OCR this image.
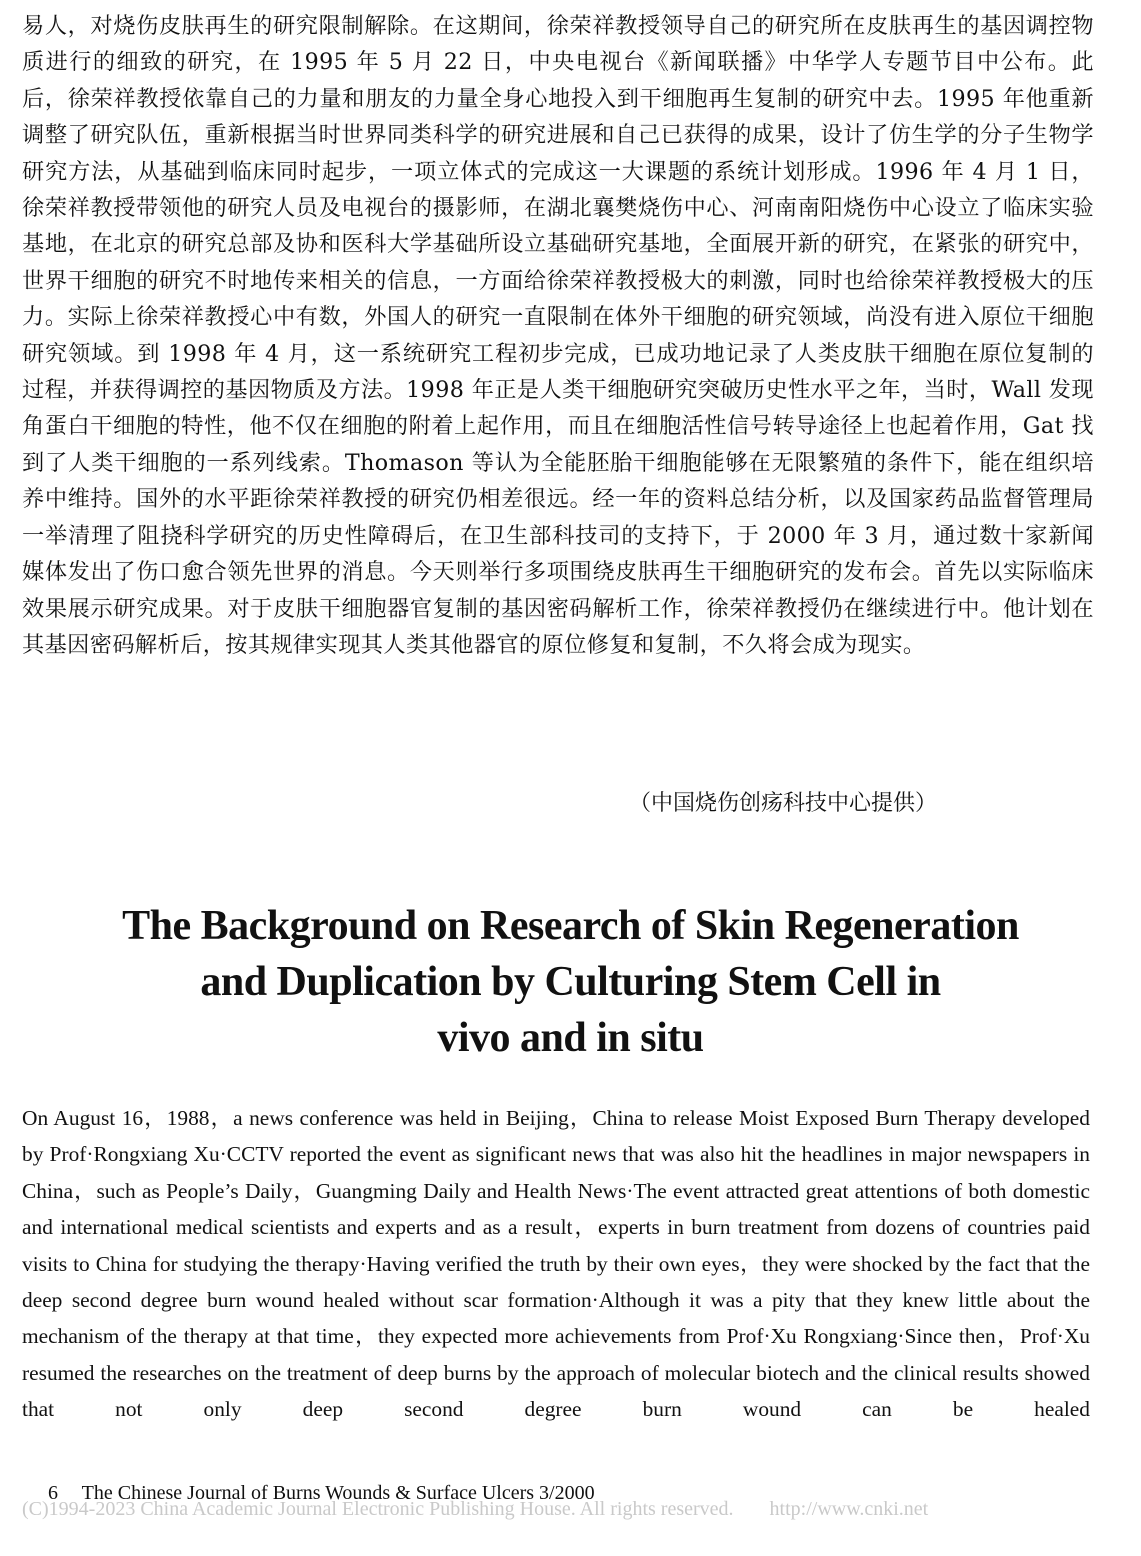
易人，对烧伤皮肤再生的研究限制解除。在这期间，徐荣祥教授领导自己的研究所在皮肤再生的基因调控物质进行的细致的研究，在 1995 年 5 月 22 日，中央电视台《新闻联播》中华学人专题节目中公布。此后，徐荣祥教授依靠自己的力量和朋友的力量全身心地投入到干细胞再生复制的研究中去。1995 年他重新调整了研究队伍，重新根据当时世界同类科学的研究进展和自己已获得的成果，设计了仿生学的分子生物学研究方法，从基础到临床同时起步，一项立体式的完成这一大课题的系统计划形成。1996 年 4 月 1 日，徐荣祥教授带领他的研究人员及电视台的摄影师，在湖北襄樊烧伤中心、河南南阳烧伤中心设立了临床实验基地，在北京的研究总部及协和医科大学基础所设立基础研究基地，全面展开新的研究，在紧张的研究中，世界干细胞的研究不时地传来相关的信息，一方面给徐荣祥教授极大的刺激，同时也给徐荣祥教授极大的压力。实际上徐荣祥教授心中有数，外国人的研究一直限制在体外干细胞的研究领域，尚没有进入原位干细胞研究领域。到 1998 年 4 月，这一系统研究工程初步完成，已成功地记录了人类皮肤干细胞在原位复制的过程，并获得调控的基因物质及方法。1998 年正是人类干细胞研究突破历史性水平之年，当时，Wall 发现角蛋白干细胞的特性，他不仅在细胞的附着上起作用，而且在细胞活性信号转导途径上也起着作用，Gat 找到了人类干细胞的一系列线索。Thomason 等认为全能胚胎干细胞能够在无限繁殖的条件下，能在组织培养中维持。国外的水平距徐荣祥教授的研究仍相差很远。经一年的资料总结分析，以及国家药品监督管理局一举清理了阻挠科学研究的历史性障碍后，在卫生部科技司的支持下，于 2000 年 3 月，通过数十家新闻媒体发出了伤口愈合领先世界的消息。今天则举行多项围绕皮肤再生干细胞研究的发布会。首先以实际临床效果展示研究成果。对于皮肤干细胞器官复制的基因密码解析工作，徐荣祥教授仍在继续进行中。他计划在其基因密码解析后，按其规律实现其人类其他器官的原位修复和复制，不久将会成为现实。
（中国烧伤创疡科技中心提供）
The Background on Research of Skin Regeneration
and Duplication by Culturing Stem Cell in
vivo and in situ
On August 16，1988，a news conference was held in Beijing，China to release Moist Exposed Burn Therapy developed by Prof·Rongxiang Xu·CCTV reported the event as significant news that was also hit the headlines in major newspapers in China，such as People’s Daily，Guangming Daily and Health News·The event attracted great attentions of both domestic and international medical scientists and experts and as a result，experts in burn treatment from dozens of countries paid visits to China for studying the therapy·Having verified the truth by their own eyes，they were shocked by the fact that the deep second degree burn wound healed without scar formation·Although it was a pity that they knew little about the mechanism of the therapy at that time，they expected more achievements from Prof·Xu Rongxiang·Since then，Prof·Xu resumed the researches on the treatment of deep burns by the approach of molecular biotech and the clinical results showed that not only deep second degree burn wound can be healed
6 The Chinese Journal of Burns Wounds & Surface Ulcers 3/2000
(C)1994-2023 China Academic Journal Electronic Publishing House. All rights reserved. http://www.cnki.net
